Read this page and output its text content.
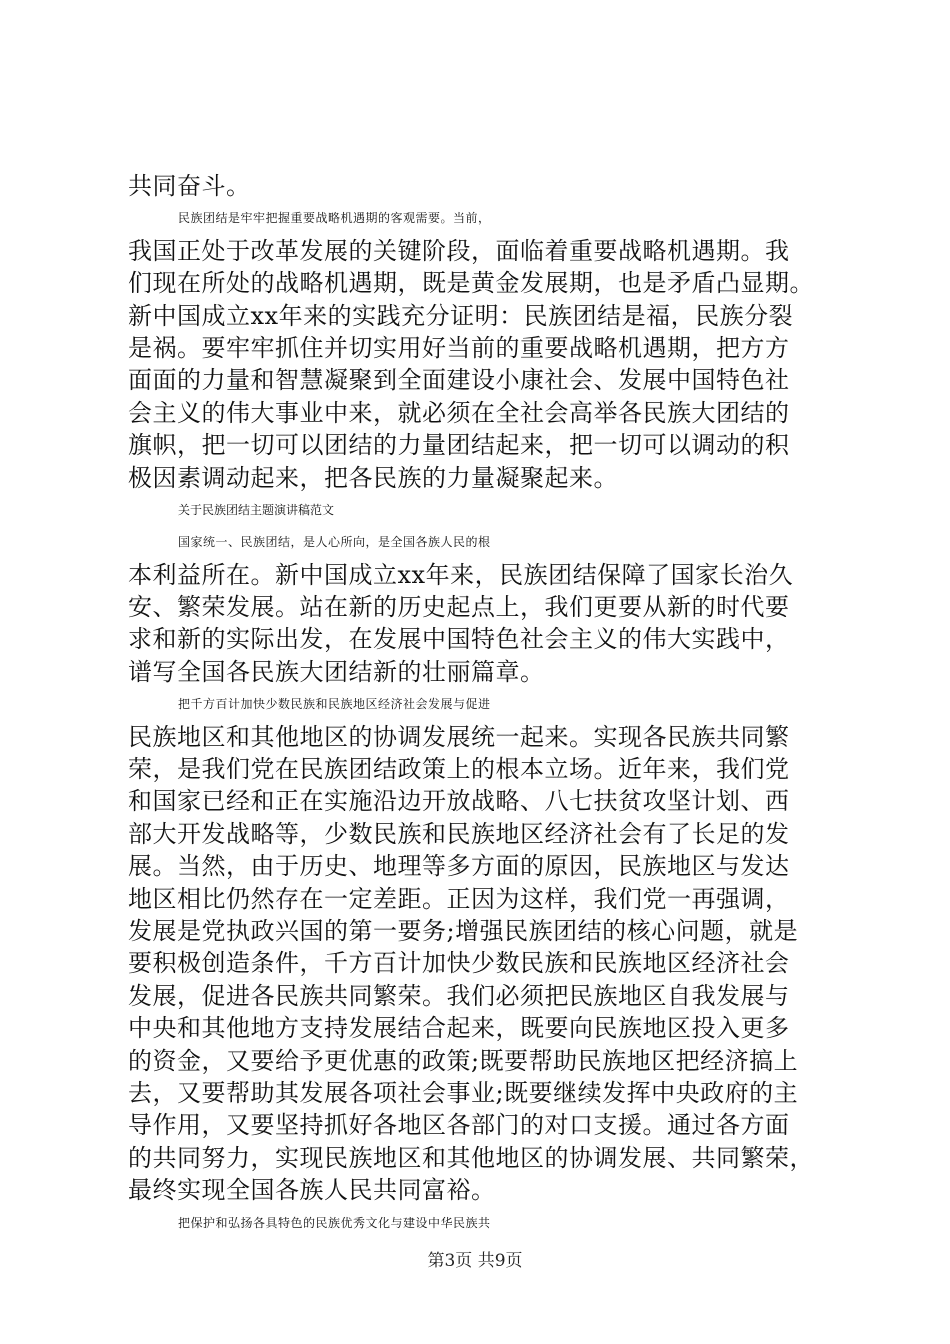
共同奋斗。
民族团结是牢牢把握重要战略机遇期的客观需要。当前，
我国正处于改革发展的关键阶段，面临着重要战略机遇期。我
们现在所处的战略机遇期，既是黄金发展期，也是矛盾凸显期。
新中国成立xx年来的实践充分证明：民族团结是福，民族分裂
是祸。要牢牢抓住并切实用好当前的重要战略机遇期，把方方
面面的力量和智慧凝聚到全面建设小康社会、发展中国特色社
会主义的伟大事业中来，就必须在全社会高举各民族大团结的
旗帜，把一切可以团结的力量团结起来，把一切可以调动的积
极因素调动起来，把各民族的力量凝聚起来。
关于民族团结主题演讲稿范文
国家统一、民族团结，是人心所向，是全国各族人民的根
本利益所在。新中国成立xx年来，民族团结保障了国家长治久
安、繁荣发展。站在新的历史起点上，我们更要从新的时代要
求和新的实际出发，在发展中国特色社会主义的伟大实践中，
谱写全国各民族大团结新的壮丽篇章。
把千方百计加快少数民族和民族地区经济社会发展与促进
民族地区和其他地区的协调发展统一起来。实现各民族共同繁
荣，是我们党在民族团结政策上的根本立场。近年来，我们党
和国家已经和正在实施沿边开放战略、八七扶贫攻坚计划、西
部大开发战略等，少数民族和民族地区经济社会有了长足的发
展。当然，由于历史、地理等多方面的原因，民族地区与发达
地区相比仍然存在一定差距。正因为这样，我们党一再强调，
发展是党执政兴国的第一要务;增强民族团结的核心问题，就是
要积极创造条件，千方百计加快少数民族和民族地区经济社会
发展，促进各民族共同繁荣。我们必须把民族地区自我发展与
中央和其他地方支持发展结合起来，既要向民族地区投入更多
的资金，又要给予更优惠的政策;既要帮助民族地区把经济搞上
去，又要帮助其发展各项社会事业;既要继续发挥中央政府的主
导作用，又要坚持抓好各地区各部门的对口支援。通过各方面
的共同努力，实现民族地区和其他地区的协调发展、共同繁荣，
最终实现全国各族人民共同富裕。
把保护和弘扬各具特色的民族优秀文化与建设中华民族共
第3页 共9页
